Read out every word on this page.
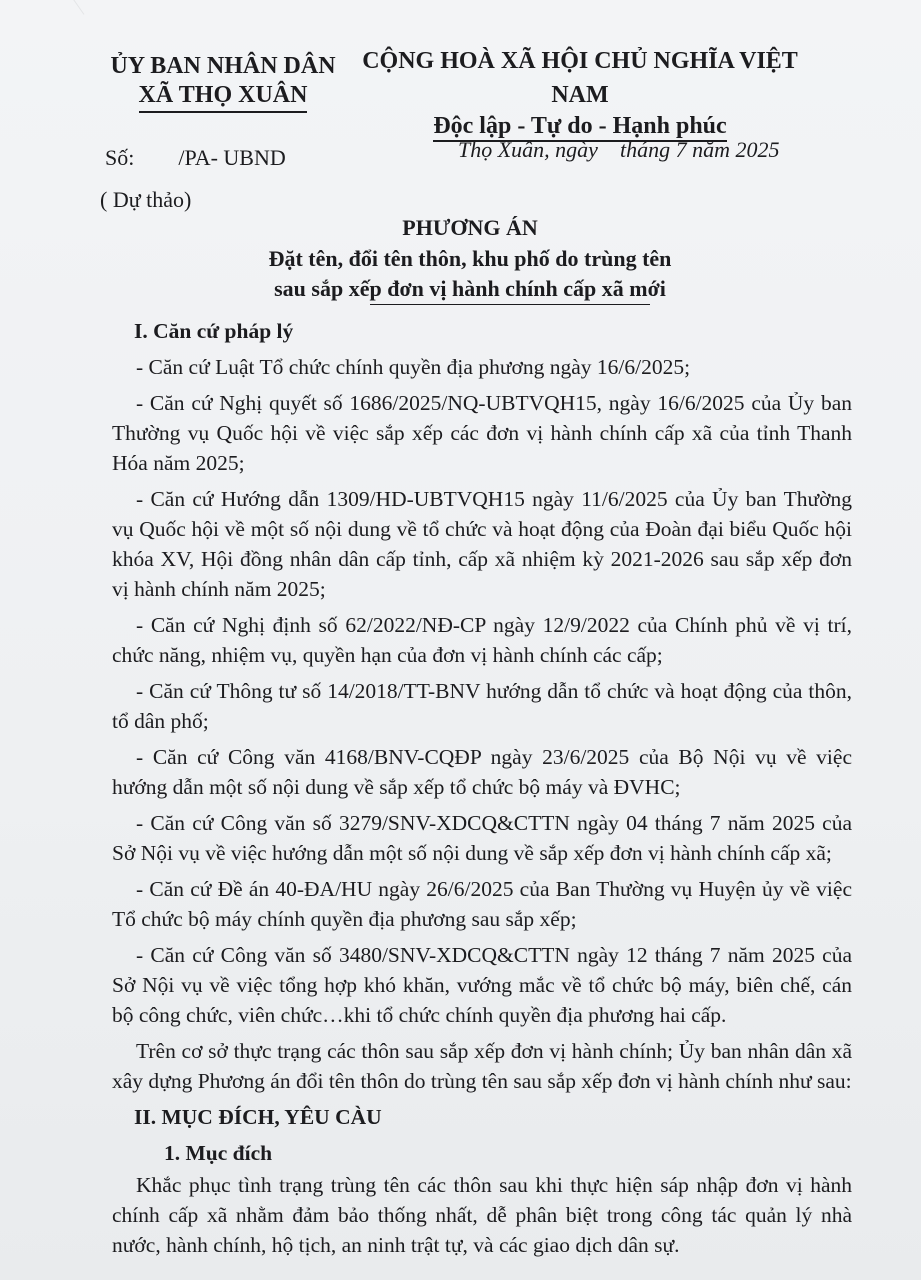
ỦY BAN NHÂN DÂN
XÃ THỌ XUÂN
CỘNG HOÀ XÃ HỘI CHỦ NGHĨA VIỆT NAM
Độc lập - Tự do - Hạnh phúc
Số: /PA- UBND	Thọ Xuân, ngày tháng 7 năm 2025
( Dự thảo)
PHƯƠNG ÁN
Đặt tên, đổi tên thôn, khu phố do trùng tên
sau sắp xếp đơn vị hành chính cấp xã mới

I. Căn cứ pháp lý

- Căn cứ Luật Tổ chức chính quyền địa phương ngày 16/6/2025;

- Căn cứ Nghị quyết số 1686/2025/NQ-UBTVQH15, ngày 16/6/2025 của Ủy ban Thường vụ Quốc hội về việc sắp xếp các đơn vị hành chính cấp xã của tỉnh Thanh Hóa năm 2025;

- Căn cứ Hướng dẫn 1309/HD-UBTVQH15 ngày 11/6/2025 của Ủy ban Thường vụ Quốc hội về một số nội dung về tổ chức và hoạt động của Đoàn đại biểu Quốc hội khóa XV, Hội đồng nhân dân cấp tỉnh, cấp xã nhiệm kỳ 2021-2026 sau sắp xếp đơn vị hành chính năm 2025;

- Căn cứ Nghị định số 62/2022/NĐ-CP ngày 12/9/2022 của Chính phủ về vị trí, chức năng, nhiệm vụ, quyền hạn của đơn vị hành chính các cấp;

- Căn cứ Thông tư số 14/2018/TT-BNV hướng dẫn tổ chức và hoạt động của thôn, tổ dân phố;

- Căn cứ Công văn 4168/BNV-CQĐP ngày 23/6/2025 của Bộ Nội vụ về việc hướng dẫn một số nội dung về sắp xếp tổ chức bộ máy và ĐVHC;

- Căn cứ Công văn số 3279/SNV-XDCQ&CTTN ngày 04 tháng 7 năm 2025 của Sở Nội vụ về việc hướng dẫn một số nội dung về sắp xếp đơn vị hành chính cấp xã;

- Căn cứ Đề án 40-ĐA/HU ngày 26/6/2025 của Ban Thường vụ Huyện ủy về việc Tổ chức bộ máy chính quyền địa phương sau sắp xếp;

- Căn cứ Công văn số 3480/SNV-XDCQ&CTTN ngày 12 tháng 7 năm 2025 của Sở Nội vụ về việc tổng hợp khó khăn, vướng mắc về tổ chức bộ máy, biên chế, cán bộ công chức, viên chức…khi tổ chức chính quyền địa phương hai cấp.

Trên cơ sở thực trạng các thôn sau sắp xếp đơn vị hành chính; Ủy ban nhân dân xã xây dựng Phương án đổi tên thôn do trùng tên sau sắp xếp đơn vị hành chính như sau:

II. MỤC ĐÍCH, YÊU CÀU

1. Mục đích

Khắc phục tình trạng trùng tên các thôn sau khi thực hiện sáp nhập đơn vị hành chính cấp xã nhằm đảm bảo thống nhất, dễ phân biệt trong công tác quản lý nhà nước, hành chính, hộ tịch, an ninh trật tự, và các giao dịch dân sự.
